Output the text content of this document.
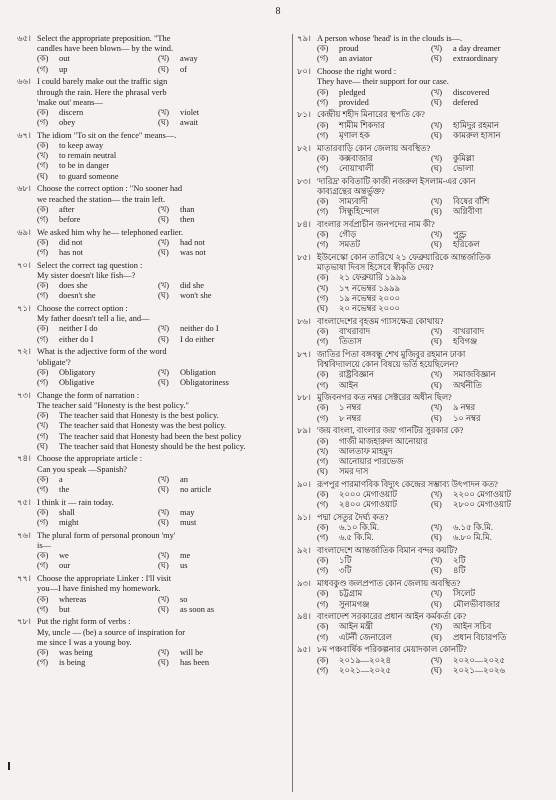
8
৬৫। Select the appropriate preposition. "The
candles have been blown— by the wind.
(ক)	out	(খ)	away
(গ)	up	(ঘ)	of
৬৬। I could barely make out the traffic sign
through the rain. Here the phrasal verb
'make out' means—
(ক)	discern	(খ)	violet
(গ)	obey	(ঘ)	await
৬৭। The idiom "To sit on the fence" means—.
(ক)	to keep away
(খ)	to remain neutral
(গ)	to be in danger
(ঘ)	to guard someone
৬৮। Choose the correct option : "No sooner had
we reached the station— the train left.
(ক)	after	(খ)	than
(গ)	before	(ঘ)	then
৬৯। We asked him why he— telephoned earlier.
(ক)	did not	(খ)	had not
(গ)	has not	(ঘ)	was not
৭০। Select the correct tag question :
My sister doesn't like fish—?
(ক)	does she	(খ)	did she
(গ)	doesn't she	(ঘ)	won't she
৭১। Choose the correct option :
My father doesn't tell a lie, and—
(ক)	neither I do	(খ)	neither do I
(গ)	either do I	(ঘ)	I do either
৭২। What is the adjective form of the word
'obligate'?
(ক)	Obligatory	(খ)	Obligation
(গ)	Obligative	(ঘ)	Obligatoriness
৭৩। Change the form of narration :
The teacher said "Honesty is the best policy."
(ক)	The teacher said that Honesty is the best policy.
(খ)	The teacher said that Honesty was the best policy.
(গ)	The teacher said that Honesty had been the best policy
(ঘ)	The teacher said that Honesty should be the best policy.
৭৪। Choose the appropriate article :
Can you speak —Spanish?
(ক)	a	(খ)	an
(গ)	the	(ঘ)	no article
৭৫। I think it — rain today.
(ক)	shall	(খ)	may
(গ)	might	(ঘ)	must
৭৬। The plural form of personal pronoun 'my'
is—
(ক)	we	(খ)	me
(গ)	our	(ঘ)	us
৭৭। Choose the appropriate Linker : I'll visit
you—I have finished my homework.
(ক)	whereas	(খ)	so
(গ)	but	(ঘ)	as soon as
৭৮। Put the right form of verbs :
My, uncle — (be) a source of inspiration for
me since I was a young boy.
(ক)	was being	(খ)	will be
(গ)	is being	(ঘ)	has been
৭৯। A person whose 'head' is in the clouds is—.
(ক)	proud	(খ)	a day dreamer
(গ)	an aviator	(ঘ)	extraordinary
৮০। Choose the right word :
They have— their support for our case.
(ক)	pledged	(খ)	discovered
(গ)	provided	(ঘ)	defered
৮১। কেন্দ্রীয় শহীদ মিনারের স্থপতি কে?
(ক)	শামীম শিকদার	(খ)	হামিদুর রহমান
(গ)	মৃণাল হক	(ঘ)	কামরুল হাসান
৮২। মাতারবাড়ি কোন জেলায় অবস্থিত?
(ক)	কক্সবাজার	(খ)	কুমিল্লা
(গ)	নোয়াখালী	(ঘ)	ভোলা
৮৩। 'দারিদ্র' কবিতাটি কাজী নজরুল ইসলাম-এর কোন
কাব্যগ্রন্থের অন্তর্ভুক্ত?
(ক)	সাম্যবাদী	(খ)	বিষের বাঁশি
(গ)	সিন্ধুহিন্দোল	(ঘ)	অগ্নিবীণা
৮৪। বাংলার সর্বপ্রাচীন জনপদের নাম কী?
(ক)	গৌড়	(খ)	পুণ্ড্র
(গ)	সমতট	(ঘ)	হরিকেল
৮৫। ইউনেস্কো কোন তারিখে ২১ ফেব্রুয়ারিকে আন্তর্জাতিক
মাতৃভাষা দিবস হিসেবে স্বীকৃতি দেয়?
(ক)	২১ ফেব্রুয়ারি ১৯৯৯
(খ)	১৭ নভেম্বর ১৯৯৯
(গ)	১৯ নভেম্বর ২০০০
(ঘ)	২০ নভেম্বর ২০০০
৮৬। বাংলাদেশের বৃহত্তম গ্যাসক্ষেত্র কোথায়?
(ক)	বাখরাবাদ	(খ)	বাখরাবাদ
(গ)	তিতাস	(ঘ)	হবিগঞ্জ
৮৭। জাতির পিতা বঙ্গবন্ধু শেখ মুজিবুর রহমান ঢাকা
বিশ্ববিদ্যালয়ে কোন বিষয়ে ভর্তি হয়েছিলেন?
(ক)	রাষ্ট্রবিজ্ঞান	(খ)	সমাজবিজ্ঞান
(গ)	আইন	(ঘ)	অর্থনীতি
৮৮। মুজিবনগর কত নম্বর সেক্টরের অধীন ছিল?
(ক)	১ নম্বর	(খ)	৯ নম্বর
(গ)	৮ নম্বর	(ঘ)	১০ নম্বর
৮৯। 'জয় বাংলা, বাংলার জয়' গানটির সুরকার কে?
(ক)	গাজী মাজহারুল আনোয়ার
(খ)	আলতাফ মাহমুদ
(গ)	আনোয়ার পারভেজ
(ঘ)	সমর দাস
৯০। রূপপুর পারমাণবিক বিদ্যুৎ কেন্দ্রের সম্ভাব্য উৎপাদন কত?
(ক)	২০০০ মেগাওয়াট	(খ)	২২০০ মেগাওয়াট
(গ)	২৪০০ মেগাওয়াট	(ঘ)	২৮০০ মেগাওয়াট
৯১। পদ্মা সেতুর দৈর্ঘ্য কত?
(ক)	৬.১০ কি.মি.	(খ)	৬.১৫ কি.মি.
(গ)	৬.৫ কি.মি.	(ঘ)	৬.৮০ মি.মি.
৯২। বাংলাদেশে আন্তর্জাতিক বিমান বন্দর কয়টি?
(ক)	১টি	(খ)	২টি
(গ)	৩টি	(ঘ)	৪টি
৯৩। মাধবকুণ্ড জলপ্রপাত কোন জেলায় অবস্থিত?
(ক)	চট্টগ্রাম	(খ)	সিলেট
(গ)	সুনামগঞ্জ	(ঘ)	মৌলভীবাজার
৯৪। বাংলাদেশ সরকারের প্রধান আইন কর্মকর্তা কে?
(ক)	আইন মন্ত্রী	(খ)	আইন সচিব
(গ)	এটর্নী জেনারেল	(ঘ)	প্রধান বিচারপতি
৯৫। ৮ম পঞ্চবার্ষিক পরিকল্পনার মেয়াদকাল কোনটি?
(ক)	২০১৯—২০২৪	(খ)	২০২০—২০২৫
(গ)	২০২১—২০২৫	(ঘ)	২০২১—২০২৬
